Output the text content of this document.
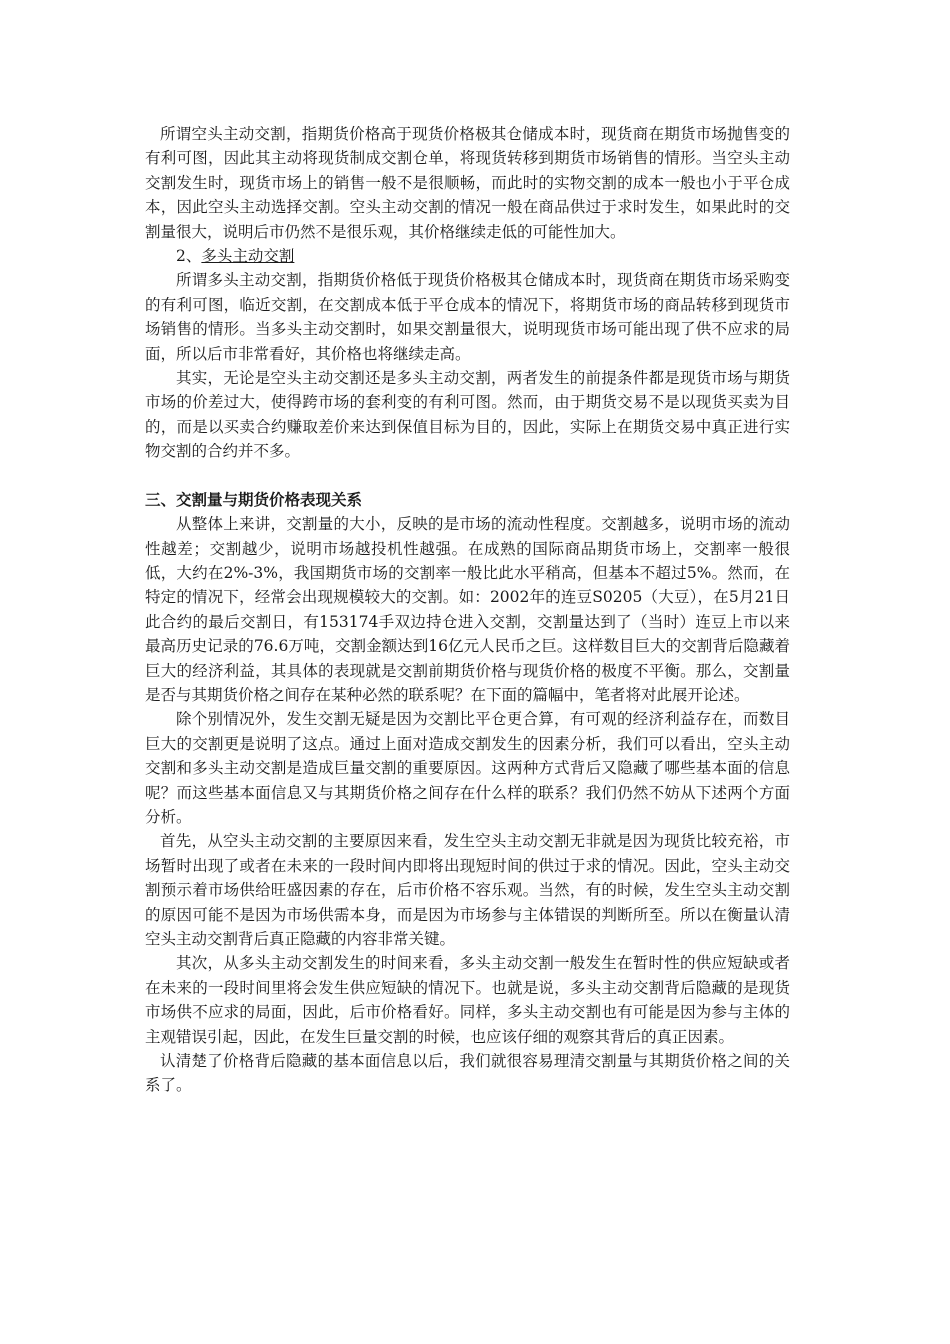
所谓空头主动交割，指期货价格高于现货价格极其仓储成本时，现货商在期货市场抛售变的有利可图，因此其主动将现货制成交割仓单，将现货转移到期货市场销售的情形。当空头主动交割发生时，现货市场上的销售一般不是很顺畅，而此时的实物交割的成本一般也小于平仓成本，因此空头主动选择交割。空头主动交割的情况一般在商品供过于求时发生，如果此时的交割量很大，说明后市仍然不是很乐观，其价格继续走低的可能性加大。

2、多头主动交割

所谓多头主动交割，指期货价格低于现货价格极其仓储成本时，现货商在期货市场采购变的有利可图，临近交割，在交割成本低于平仓成本的情况下，将期货市场的商品转移到现货市场销售的情形。当多头主动交割时，如果交割量很大，说明现货市场可能出现了供不应求的局面，所以后市非常看好，其价格也将继续走高。

其实，无论是空头主动交割还是多头主动交割，两者发生的前提条件都是现货市场与期货市场的价差过大，使得跨市场的套利变的有利可图。然而，由于期货交易不是以现货买卖为目的，而是以买卖合约赚取差价来达到保值目标为目的，因此，实际上在期货交易中真正进行实物交割的合约并不多。

三、交割量与期货价格表现关系

从整体上来讲，交割量的大小，反映的是市场的流动性程度。交割越多，说明市场的流动性越差；交割越少，说明市场越投机性越强。在成熟的国际商品期货市场上，交割率一般很低，大约在2%-3%，我国期货市场的交割率一般比此水平稍高，但基本不超过5%。然而，在特定的情况下，经常会出现规模较大的交割。如：2002年的连豆S0205（大豆），在5月21日此合约的最后交割日，有153174手双边持仓进入交割，交割量达到了（当时）连豆上市以来最高历史记录的76.6万吨，交割金额达到16亿元人民币之巨。这样数目巨大的交割背后隐藏着巨大的经济利益，其具体的表现就是交割前期货价格与现货价格的极度不平衡。那么，交割量是否与其期货价格之间存在某种必然的联系呢？在下面的篇幅中，笔者将对此展开论述。

除个别情况外，发生交割无疑是因为交割比平仓更合算，有可观的经济利益存在，而数目巨大的交割更是说明了这点。通过上面对造成交割发生的因素分析，我们可以看出，空头主动交割和多头主动交割是造成巨量交割的重要原因。这两种方式背后又隐藏了哪些基本面的信息呢？而这些基本面信息又与其期货价格之间存在什么样的联系？我们仍然不妨从下述两个方面分析。

首先，从空头主动交割的主要原因来看，发生空头主动交割无非就是因为现货比较充裕，市场暂时出现了或者在未来的一段时间内即将出现短时间的供过于求的情况。因此，空头主动交割预示着市场供给旺盛因素的存在，后市价格不容乐观。当然，有的时候，发生空头主动交割的原因可能不是因为市场供需本身，而是因为市场参与主体错误的判断所至。所以在衡量认清空头主动交割背后真正隐藏的内容非常关键。

其次，从多头主动交割发生的时间来看，多头主动交割一般发生在暂时性的供应短缺或者在未来的一段时间里将会发生供应短缺的情况下。也就是说，多头主动交割背后隐藏的是现货市场供不应求的局面，因此，后市价格看好。同样，多头主动交割也有可能是因为参与主体的主观错误引起，因此，在发生巨量交割的时候，也应该仔细的观察其背后的真正因素。

认清楚了价格背后隐藏的基本面信息以后，我们就很容易理清交割量与其期货价格之间的关系了。
